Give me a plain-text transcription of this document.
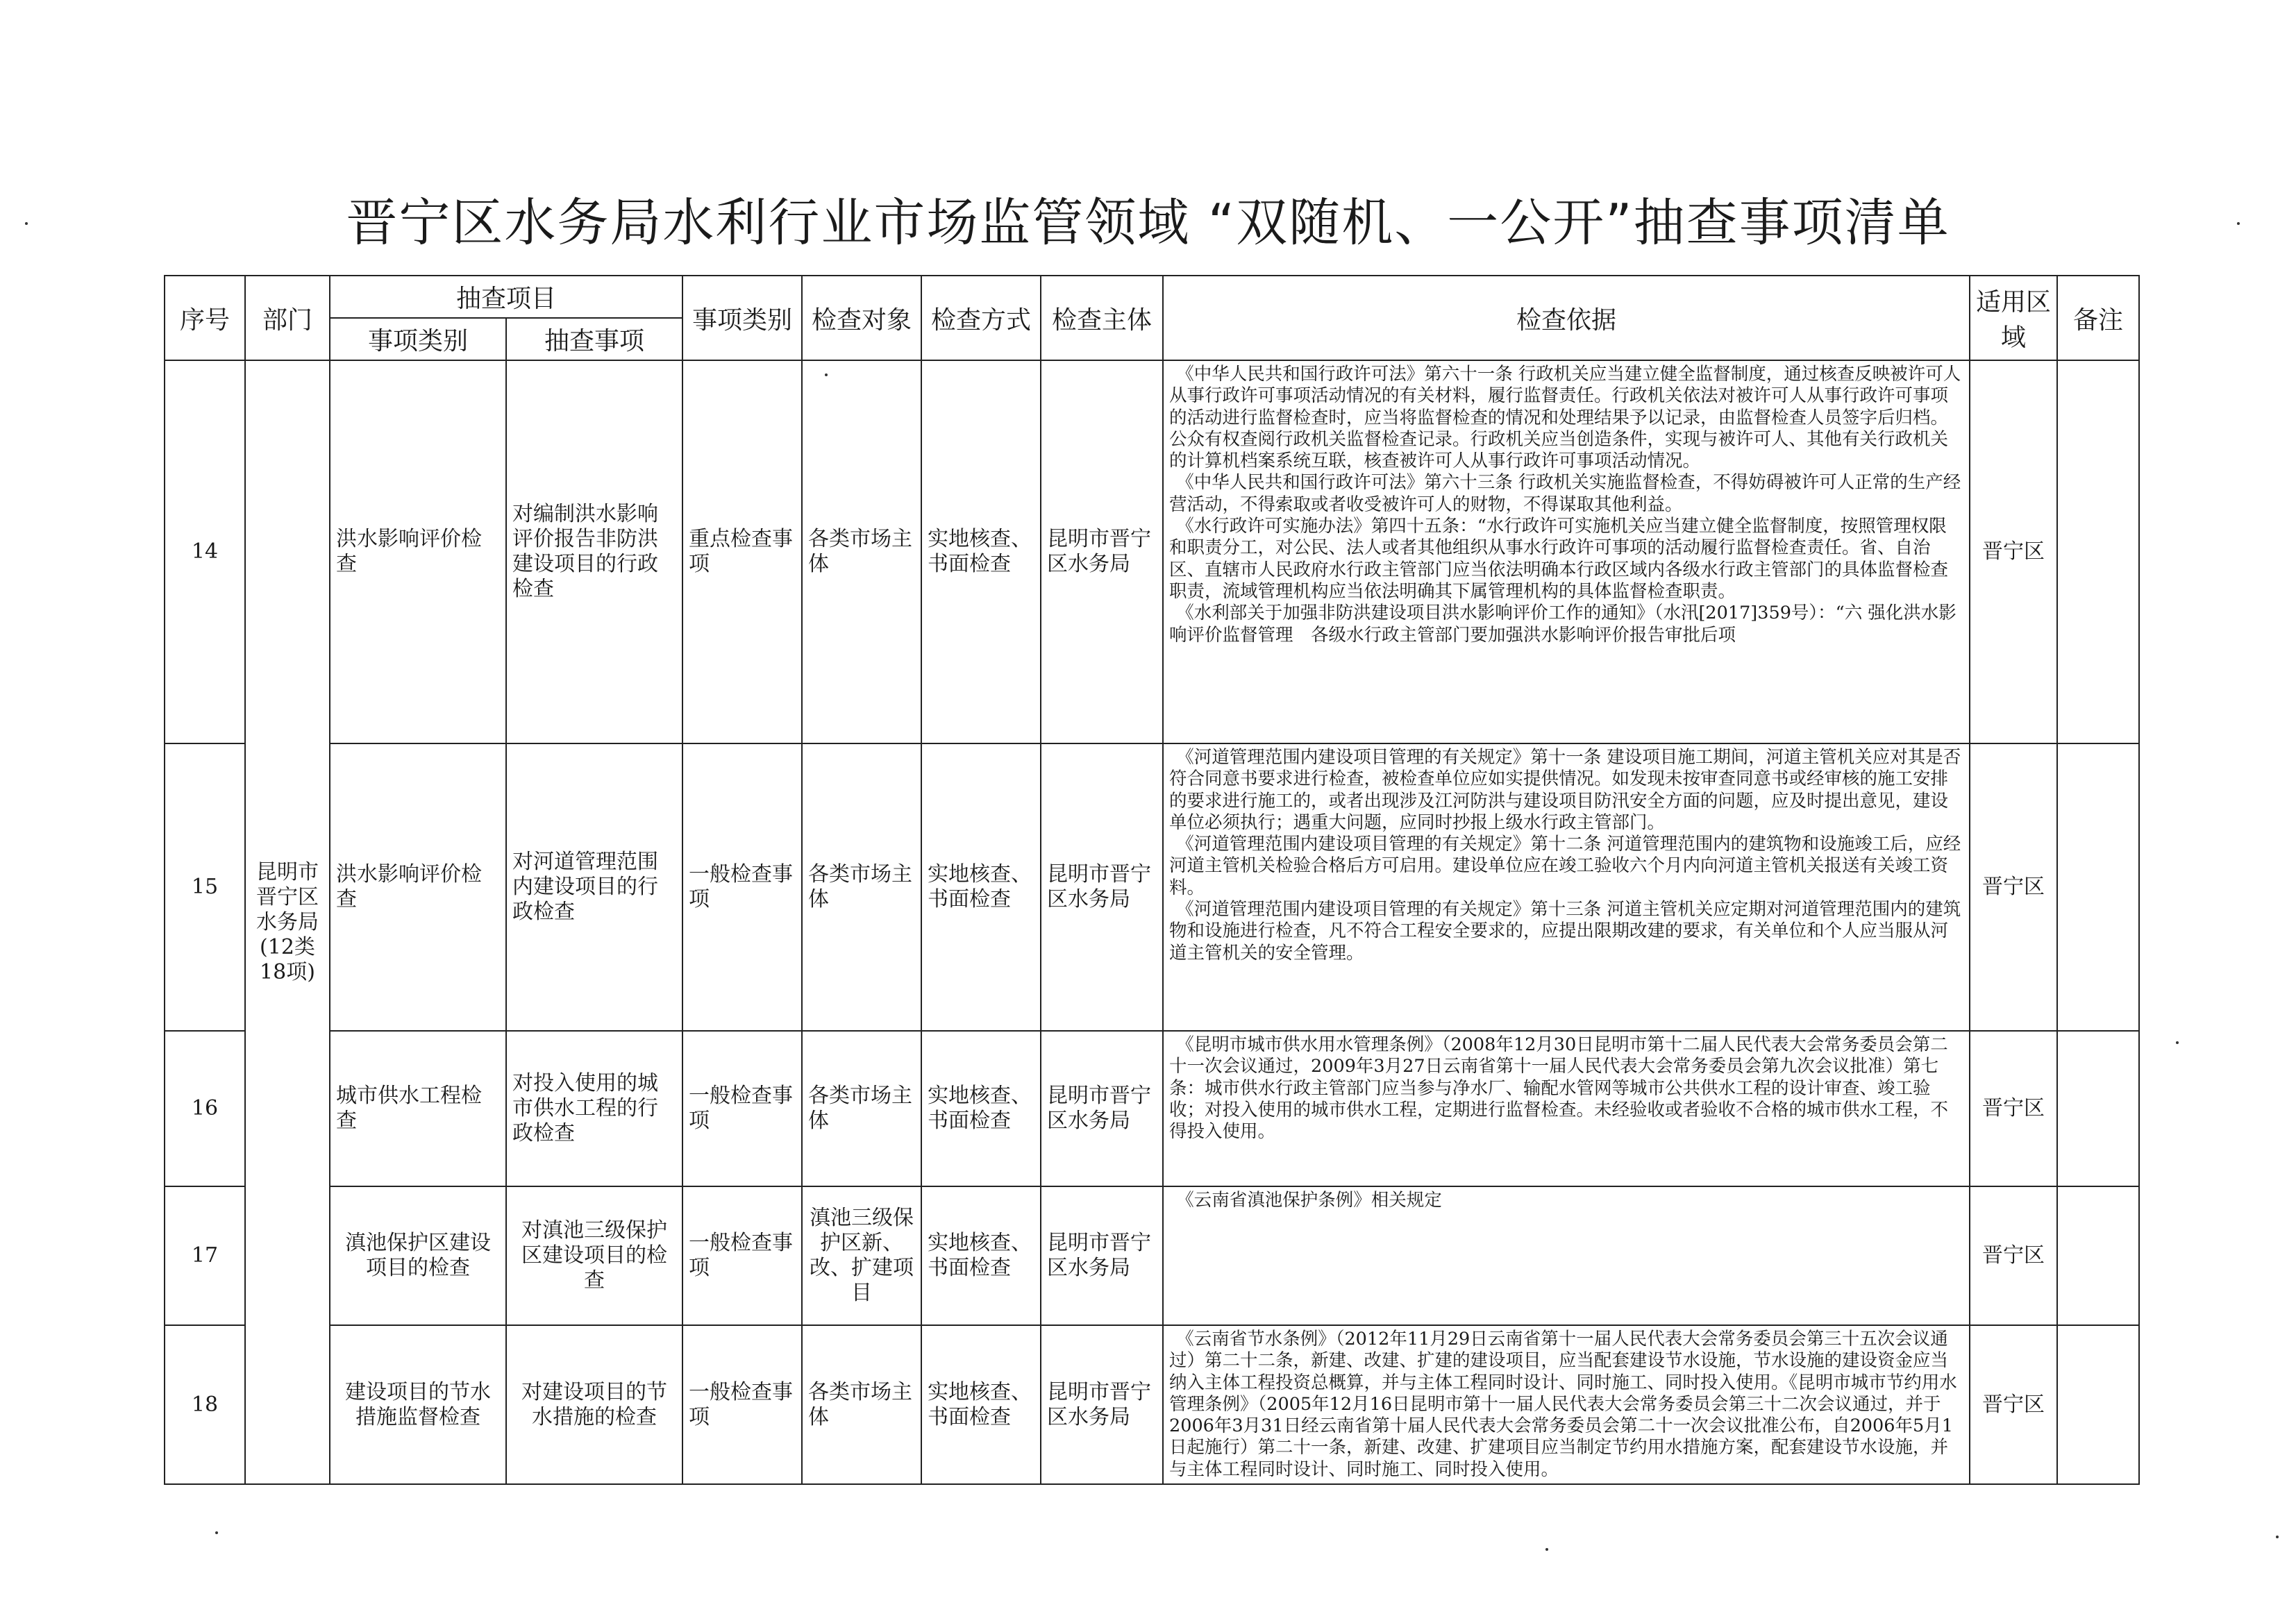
晋宁区水务局水利行业市场监管领域 “双随机、一公开”抽查事项清单
序号	部门	抽查项目		事项类别	检查对象	检查方式	检查主体	检查依据	适用区域	备注
		事项类别	抽查事项							
14	昆明市晋宁区水务局(12类18项)	洪水影响评价检查	对编制洪水影响评价报告非防洪建设项目的行政检查	重点检查事项	各类市场主体	实地核查、书面检查	昆明市晋宁区水务局	《中华人民共和国行政许可法》第六十一条 行政机关应当建立健全监督制度，通过核查反映被许可人从事行政许可事项活动情况的有关材料，履行监督责任。行政机关依法对被许可人从事行政许可事项的活动进行监督检查时，应当将监督检查的情况和处理结果予以记录，由监督检查人员签字后归档。公众有权查阅行政机关监督检查记录。行政机关应当创造条件，实现与被许可人、其他有关行政机关的计算机档案系统互联，核查被许可人从事行政许可事项活动情况。

《中华人民共和国行政许可法》第六十三条 行政机关实施监督检查，不得妨碍被许可人正常的生产经营活动，不得索取或者收受被许可人的财物，不得谋取其他利益。

《水行政许可实施办法》第四十五条：“水行政许可实施机关应当建立健全监督制度，按照管理权限和职责分工，对公民、法人或者其他组织从事水行政许可事项的活动履行监督检查责任。省、自治区、直辖市人民政府水行政主管部门应当依法明确本行政区域内各级水行政主管部门的具体监督检查职责，流域管理机构应当依法明确其下属管理机构的具体监督检查职责。

《水利部关于加强非防洪建设项目洪水影响评价工作的通知》（水汛[2017]359号）：“六 强化洪水影响评价监督管理　各级水行政主管部门要加强洪水影响评价报告审批后项	晋宁区	
15		洪水影响评价检查	对河道管理范围内建设项目的行政检查	一般检查事项	各类市场主体	实地核查、书面检查	昆明市晋宁区水务局	《河道管理范围内建设项目管理的有关规定》第十一条 建设项目施工期间，河道主管机关应对其是否符合同意书要求进行检查，被检查单位应如实提供情况。如发现未按审查同意书或经审核的施工安排的要求进行施工的，或者出现涉及江河防洪与建设项目防汛安全方面的问题，应及时提出意见，建设单位必须执行；遇重大问题，应同时抄报上级水行政主管部门。

《河道管理范围内建设项目管理的有关规定》第十二条 河道管理范围内的建筑物和设施竣工后，应经河道主管机关检验合格后方可启用。建设单位应在竣工验收六个月内向河道主管机关报送有关竣工资料。

《河道管理范围内建设项目管理的有关规定》第十三条 河道主管机关应定期对河道管理范围内的建筑物和设施进行检查，凡不符合工程安全要求的，应提出限期改建的要求，有关单位和个人应当服从河道主管机关的安全管理。	晋宁区	
16		城市供水工程检查	对投入使用的城市供水工程的行政检查	一般检查事项	各类市场主体	实地核查、书面检查	昆明市晋宁区水务局	《昆明市城市供水用水管理条例》（2008年12月30日昆明市第十二届人民代表大会常务委员会第二十一次会议通过，2009年3月27日云南省第十一届人民代表大会常务委员会第九次会议批准）第七条：城市供水行政主管部门应当参与净水厂、输配水管网等城市公共供水工程的设计审查、竣工验收；对投入使用的城市供水工程，定期进行监督检查。未经验收或者验收不合格的城市供水工程，不得投入使用。	晋宁区	
17		滇池保护区建设项目的检查	对滇池三级保护区建设项目的检查	一般检查事项	滇池三级保护区新、改、扩建项目	实地核查、书面检查	昆明市晋宁区水务局	《云南省滇池保护条例》相关规定	晋宁区	
18		建设项目的节水措施监督检查	对建设项目的节水措施的检查	一般检查事项	各类市场主体	实地核查、书面检查	昆明市晋宁区水务局	《云南省节水条例》（2012年11月29日云南省第十一届人民代表大会常务委员会第三十五次会议通过）第二十二条，新建、改建、扩建的建设项目，应当配套建设节水设施，节水设施的建设资金应当纳入主体工程投资总概算，并与主体工程同时设计、同时施工、同时投入使用。《昆明市城市节约用水管理条例》（2005年12月16日昆明市第十一届人民代表大会常务委员会第三十二次会议通过，并于2006年3月31日经云南省第十届人民代表大会常务委员会第二十一次会议批准公布，自2006年5月1日起施行）第二十一条，新建、改建、扩建项目应当制定节约用水措施方案，配套建设节水设施，并与主体工程同时设计、同时施工、同时投入使用。	晋宁区	
